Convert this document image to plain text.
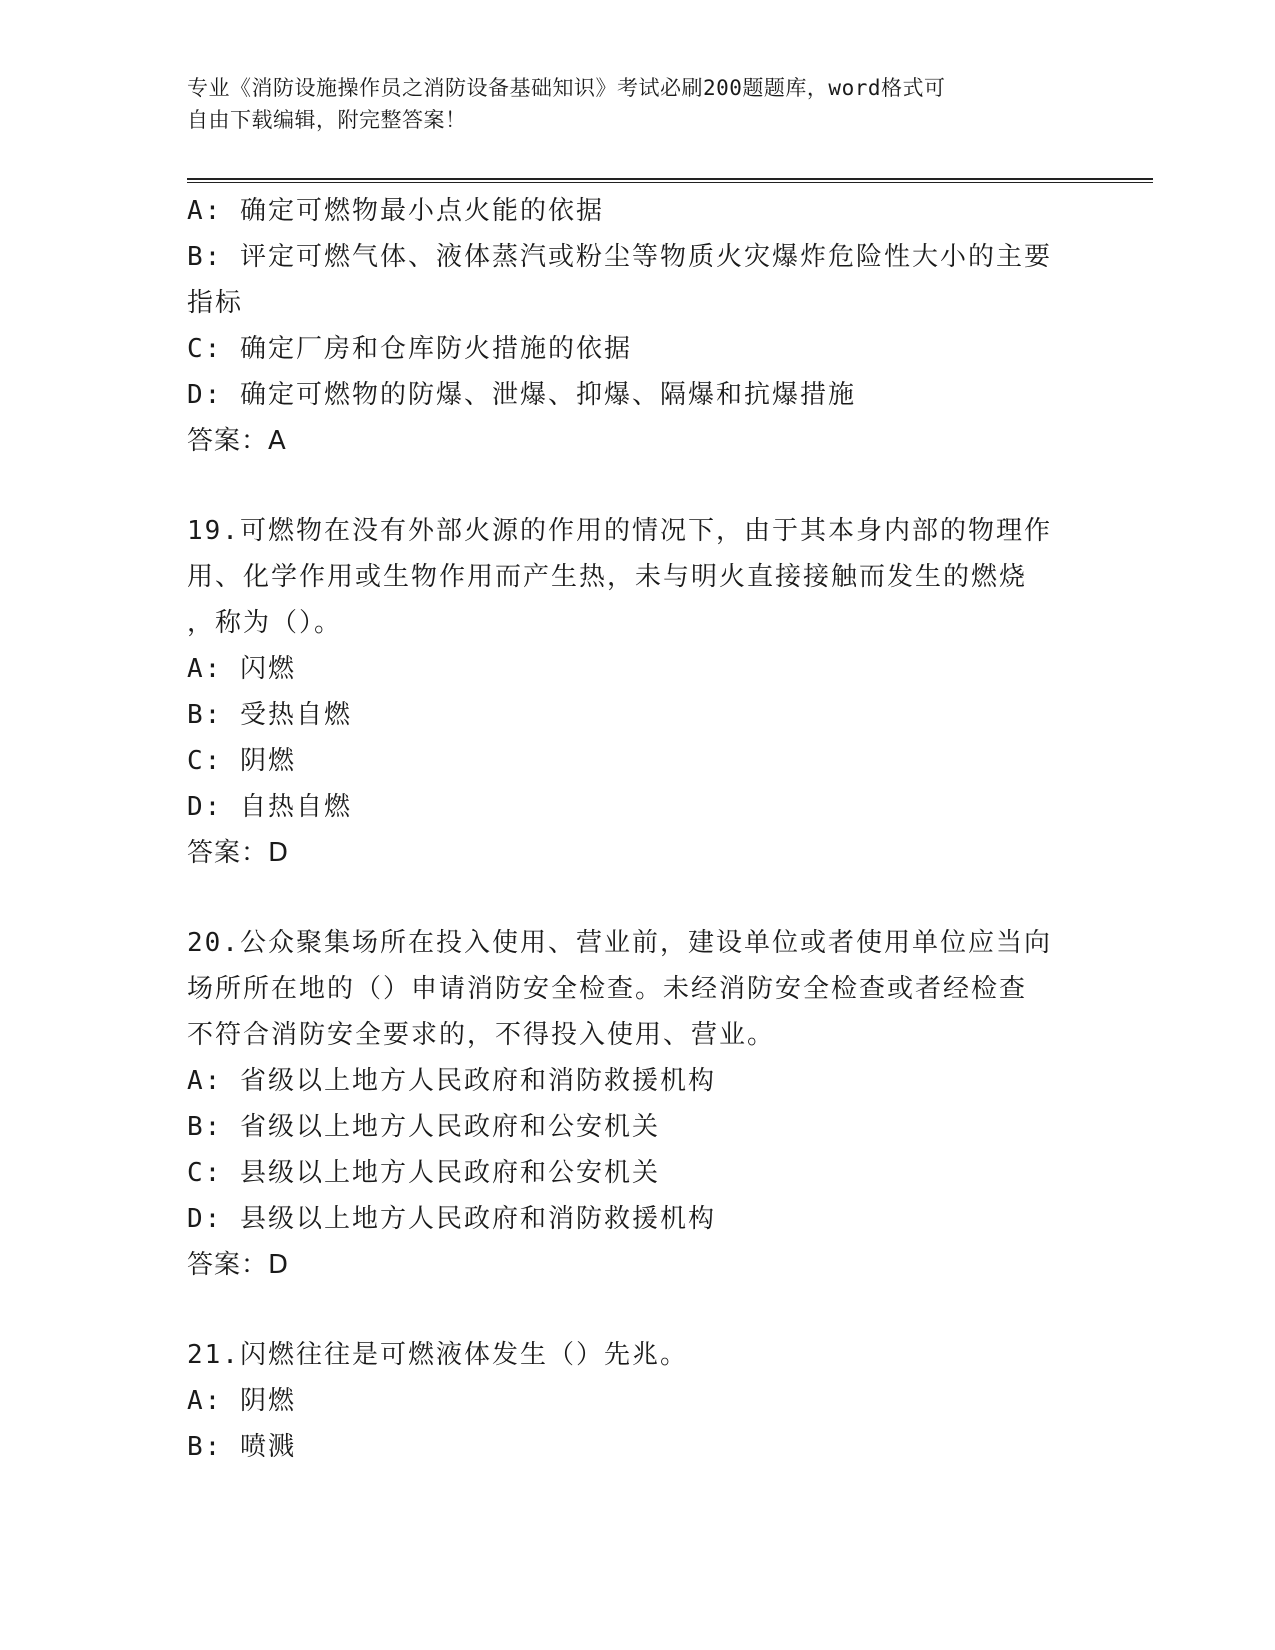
专业《消防设施操作员之消防设备基础知识》考试必刷200题题库，word格式可
自由下载编辑，附完整答案！
A: 确定可燃物最小点火能的依据
B: 评定可燃气体、液体蒸汽或粉尘等物质火灾爆炸危险性大小的主要
指标
C: 确定厂房和仓库防火措施的依据
D: 确定可燃物的防爆、泄爆、抑爆、隔爆和抗爆措施
答案：A
19.可燃物在没有外部火源的作用的情况下，由于其本身内部的物理作
用、化学作用或生物作用而产生热，未与明火直接接触而发生的燃烧
，称为（）。
A: 闪燃
B: 受热自燃
C: 阴燃
D: 自热自燃
答案：D
20.公众聚集场所在投入使用、营业前，建设单位或者使用单位应当向
场所所在地的（）申请消防安全检查。未经消防安全检查或者经检查
不符合消防安全要求的，不得投入使用、营业。
A: 省级以上地方人民政府和消防救援机构
B: 省级以上地方人民政府和公安机关
C: 县级以上地方人民政府和公安机关
D: 县级以上地方人民政府和消防救援机构
答案：D
21.闪燃往往是可燃液体发生（）先兆。
A: 阴燃
B: 喷溅
